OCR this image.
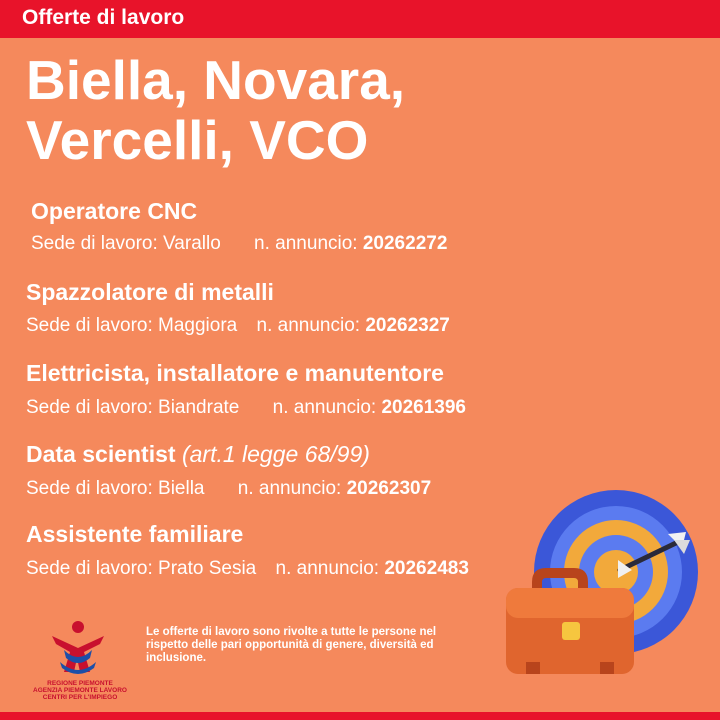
Offerte di lavoro
Biella, Novara,
Vercelli, VCO
Operatore CNC
Sede di lavoro: Varallo n. annuncio: 20262272
Spazzolatore di metalli
Sede di lavoro: Maggiora n. annuncio: 20262327
Elettricista, installatore e manutentore
Sede di lavoro: Biandrate n. annuncio: 20261396
Data scientist (art.1 legge 68/99)
Sede di lavoro: Biella n. annuncio: 20262307
Assistente familiare
Sede di lavoro: Prato Sesia n. annuncio: 20262483
REGIONE PIEMONTE
AGENZIA PIEMONTE LAVORO
CENTRI PER L'IMPIEGO
Le offerte di lavoro sono rivolte a tutte le persone nel rispetto delle pari opportunità di genere, diversità ed inclusione.
